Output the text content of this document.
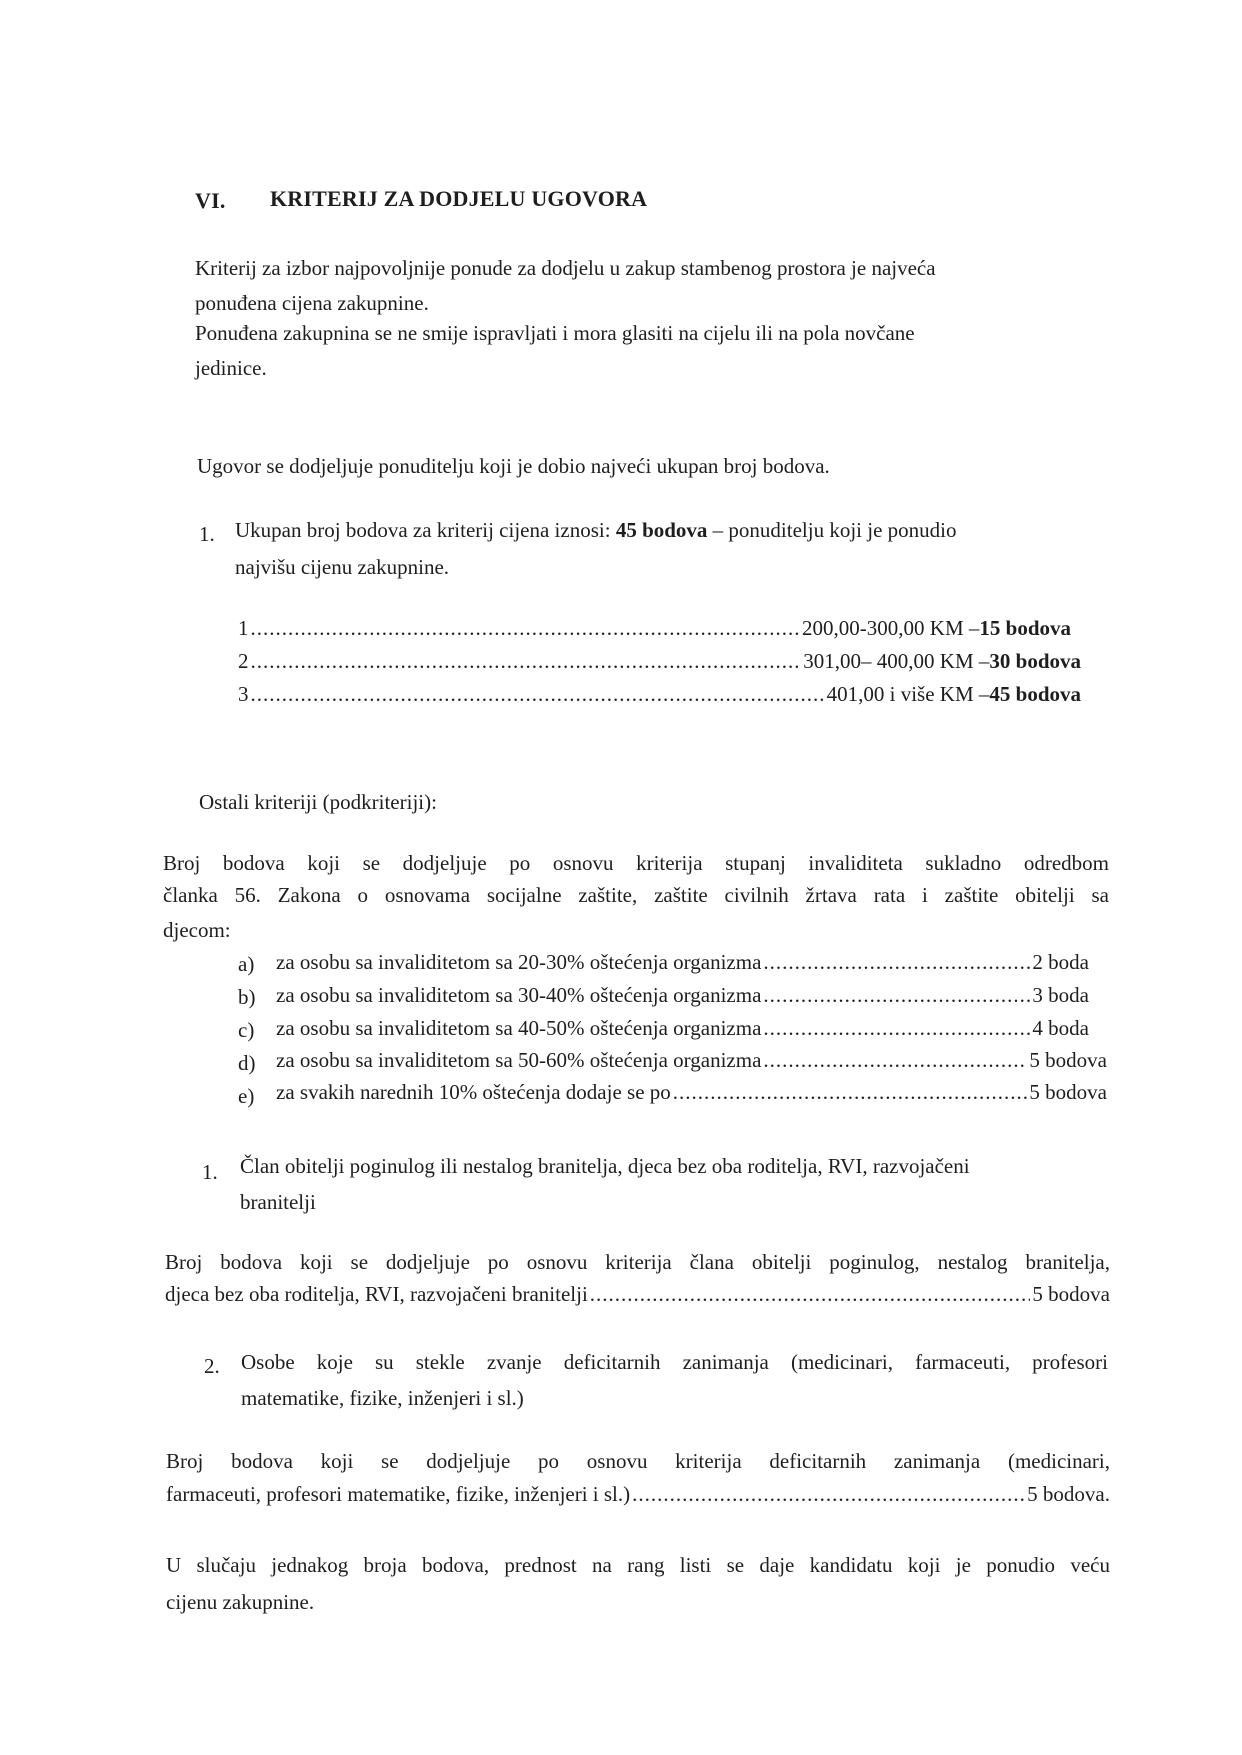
VI. KRITERIJ ZA DODJELU UGOVORA
Kriterij za izbor najpovoljnije ponude za dodjelu u zakup stambenog prostora je najveća
ponuđena cijena zakupnine.
Ponuđena zakupnina se ne smije ispravljati i mora glasiti na cijelu ili na pola novčane
jedinice.
Ugovor se dodjeljuje ponuditelju koji je dobio najveći ukupan broj bodova.
1. Ukupan broj bodova za kriterij cijena iznosi: 45 bodova – ponuditelju koji je ponudio
najvišu cijenu zakupnine.
1 .....	200,00-300,00 KM – 15 bodova
2 .....	301,00– 400,00 KM – 30 bodova
3 .....	401,00 i više KM – 45 bodova
Ostali kriteriji (podkriteriji):
Broj bodova koji se dodjeljuje po osnovu kriterija stupanj invaliditeta sukladno odredbom
članka 56. Zakona o osnovama socijalne zaštite, zaštite civilnih žrtava rata i zaštite obitelji sa
djecom:
a) za osobu sa invaliditetom sa 20-30% oštećenja organizma .....	2 boda
b) za osobu sa invaliditetom sa 30-40% oštećenja organizma .....	3 boda
c) za osobu sa invaliditetom sa 40-50% oštećenja organizma .....	4 boda
d) za osobu sa invaliditetom sa 50-60% oštećenja organizma .....	5 bodova
e) za svakih narednih 10% oštećenja dodaje se po .....	5 bodova
1. Član obitelji poginulog ili nestalog branitelja, djeca bez oba roditelja, RVI, razvojačeni
branitelji
Broj bodova koji se dodjeljuje po osnovu kriterija člana obitelji poginulog, nestalog branitelja,
djeca bez oba roditelja, RVI, razvojačeni branitelji .....	5 bodova
2. Osobe koje su stekle zvanje deficitarnih zanimanja (medicinari, farmaceuti, profesori
matematike, fizike, inženjeri i sl.)
Broj bodova koji se dodjeljuje po osnovu kriterija deficitarnih zanimanja (medicinari,
farmaceuti, profesori matematike, fizike, inženjeri i sl.) .....	5 bodova.
U slučaju jednakog broja bodova, prednost na rang listi se daje kandidatu koji je ponudio veću
cijenu zakupnine.
